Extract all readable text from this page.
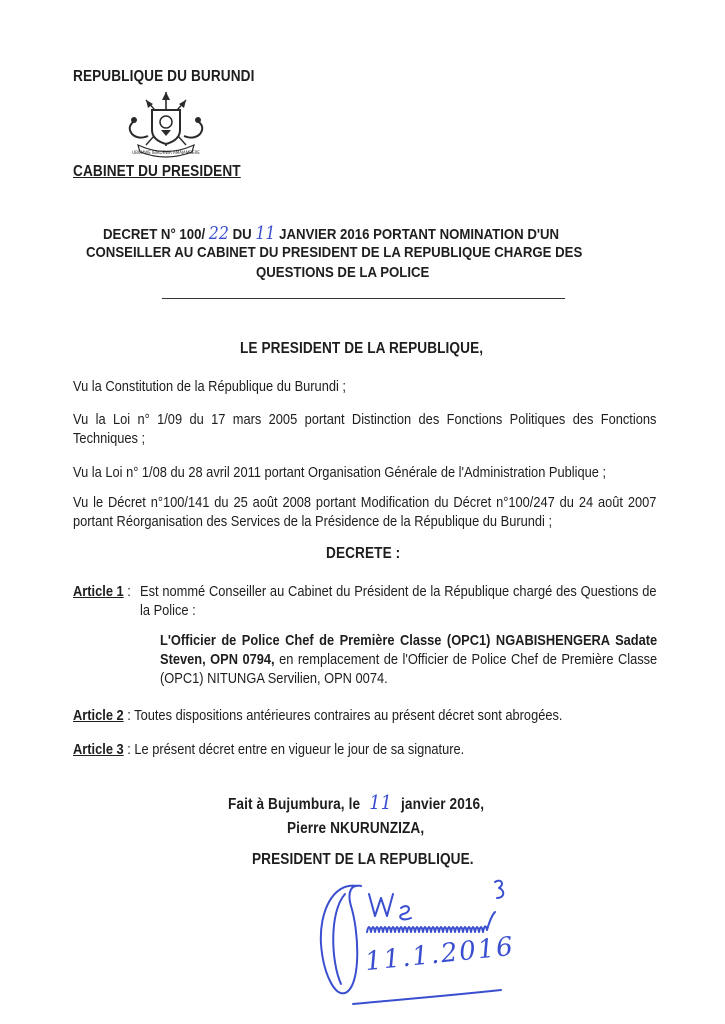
REPUBLIQUE DU BURUNDI
UBUMWE IBIKORWA AMAJAMBERE
CABINET DU PRESIDENT
DECRET N° 100/ 22 DU 11 JANVIER 2016 PORTANT NOMINATION D'UN
CONSEILLER AU CABINET DU PRESIDENT DE LA REPUBLIQUE CHARGE DES
QUESTIONS DE LA POLICE
LE PRESIDENT DE LA REPUBLIQUE,
Vu la Constitution de la République du Burundi ;
Vu la Loi n° 1/09 du 17 mars 2005 portant Distinction des Fonctions Politiques des Fonctions Techniques ;
Vu la Loi n° 1/08 du 28 avril 2011 portant Organisation Générale de l'Administration Publique ;
Vu le Décret n°100/141 du 25 août 2008 portant Modification du Décret n°100/247 du 24 août 2007 portant Réorganisation des Services de la Présidence de la République du Burundi ;
DECRETE :
Article 1 : Est nommé Conseiller au Cabinet du Président de la République chargé des Questions de la Police :
L'Officier de Police Chef de Première Classe (OPC1) NGABISHENGERA Sadate Steven, OPN 0794, en remplacement de l'Officier de Police Chef de Première Classe (OPC1) NITUNGA Servilien, OPN 0074.
Article 2 : Toutes dispositions antérieures contraires au présent décret sont abrogées.
Article 3 : Le présent décret entre en vigueur le jour de sa signature.
Fait à Bujumbura, le 11 janvier 2016,
Pierre NKURUNZIZA,
PRESIDENT DE LA REPUBLIQUE.
11.1.2016
